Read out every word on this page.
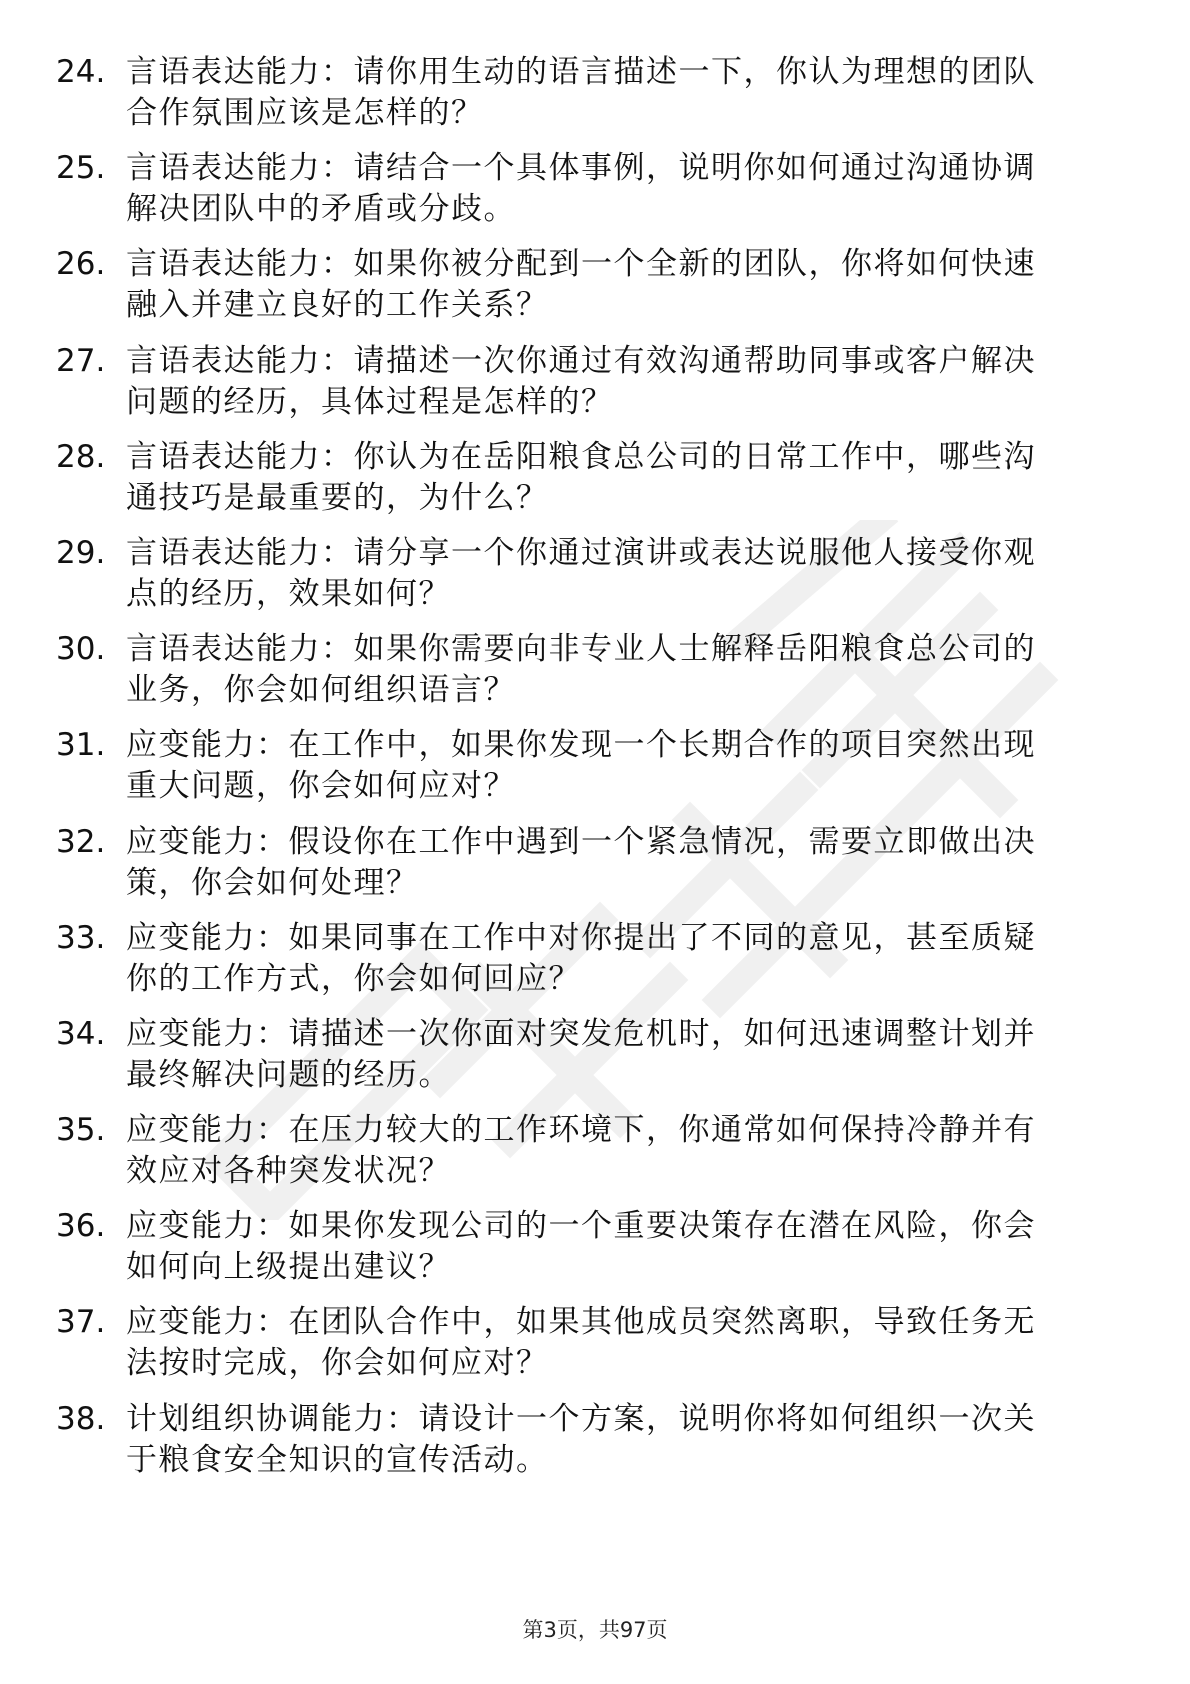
24. 言语表达能力：请你用生动的语言描述一下，你认为理想的团队
合作氛围应该是怎样的？
25. 言语表达能力：请结合一个具体事例，说明你如何通过沟通协调
解决团队中的矛盾或分歧。
26. 言语表达能力：如果你被分配到一个全新的团队，你将如何快速
融入并建立良好的工作关系？
27. 言语表达能力：请描述一次你通过有效沟通帮助同事或客户解决
问题的经历，具体过程是怎样的？
28. 言语表达能力：你认为在岳阳粮食总公司的日常工作中，哪些沟
通技巧是最重要的，为什么？
29. 言语表达能力：请分享一个你通过演讲或表达说服他人接受你观
点的经历，效果如何？
30. 言语表达能力：如果你需要向非专业人士解释岳阳粮食总公司的
业务，你会如何组织语言？
31. 应变能力：在工作中，如果你发现一个长期合作的项目突然出现
重大问题，你会如何应对？
32. 应变能力：假设你在工作中遇到一个紧急情况，需要立即做出决
策，你会如何处理？
33. 应变能力：如果同事在工作中对你提出了不同的意见，甚至质疑
你的工作方式，你会如何回应？
34. 应变能力：请描述一次你面对突发危机时，如何迅速调整计划并
最终解决问题的经历。
35. 应变能力：在压力较大的工作环境下，你通常如何保持冷静并有
效应对各种突发状况？
36. 应变能力：如果你发现公司的一个重要决策存在潜在风险，你会
如何向上级提出建议？
37. 应变能力：在团队合作中，如果其他成员突然离职，导致任务无
法按时完成，你会如何应对？
38. 计划组织协调能力：请设计一个方案，说明你将如何组织一次关
于粮食安全知识的宣传活动。
第3页，共97页
